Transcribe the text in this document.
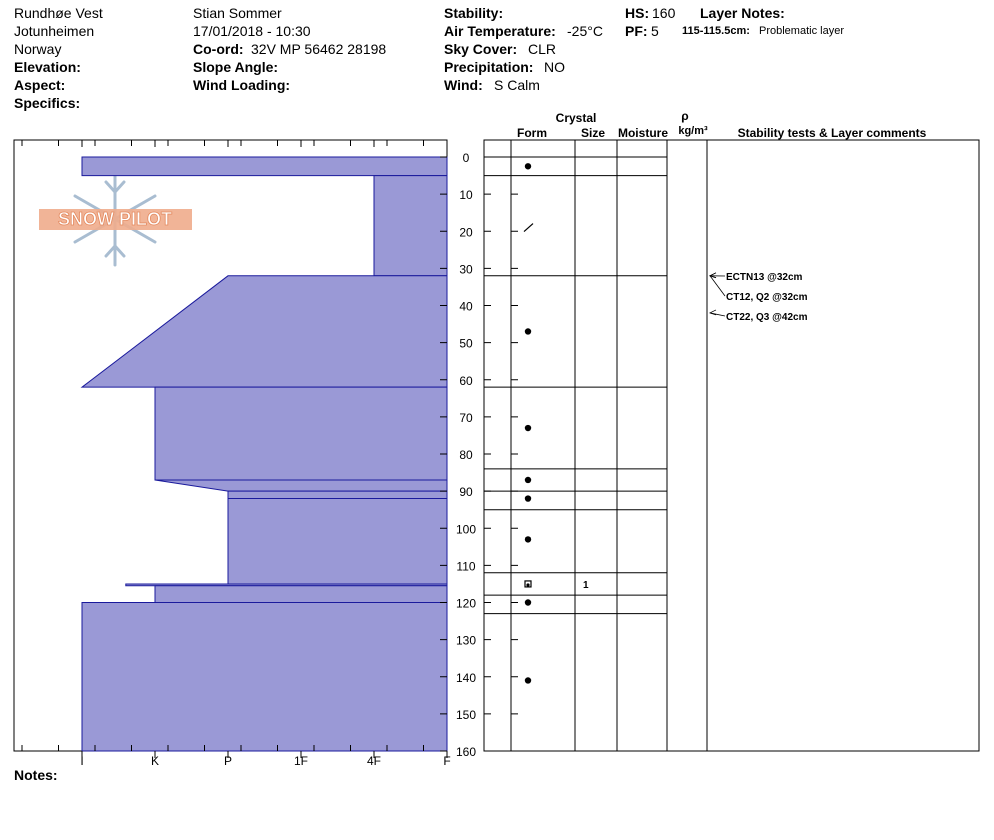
Rundhøe Vest
Jotunheimen
Norway
Elevation:
Aspect:
Specifics:
Stian Sommer
17/01/2018 - 10:30
Co-ord: 32V MP 56462 28198
Slope Angle:
Wind Loading:
Stability:
Air Temperature: -25°C
Sky Cover: CLR
Precipitation: NO
Wind: S Calm
HS: 160
PF: 5
Layer Notes:
115-115.5cm: Problematic layer
Notes:
SNOW PILOT
I	K	P	1F	4F	F
Crystal
Form	Size Moisture
ρ
kg/m³ Stability tests & Layer comments
1
0
10
20
30
40
50
60
70
80
90
100
110
120
130
140
150
160
ECTN13 @32cm
CT12, Q2 @32cm
CT22, Q3 @42cm
